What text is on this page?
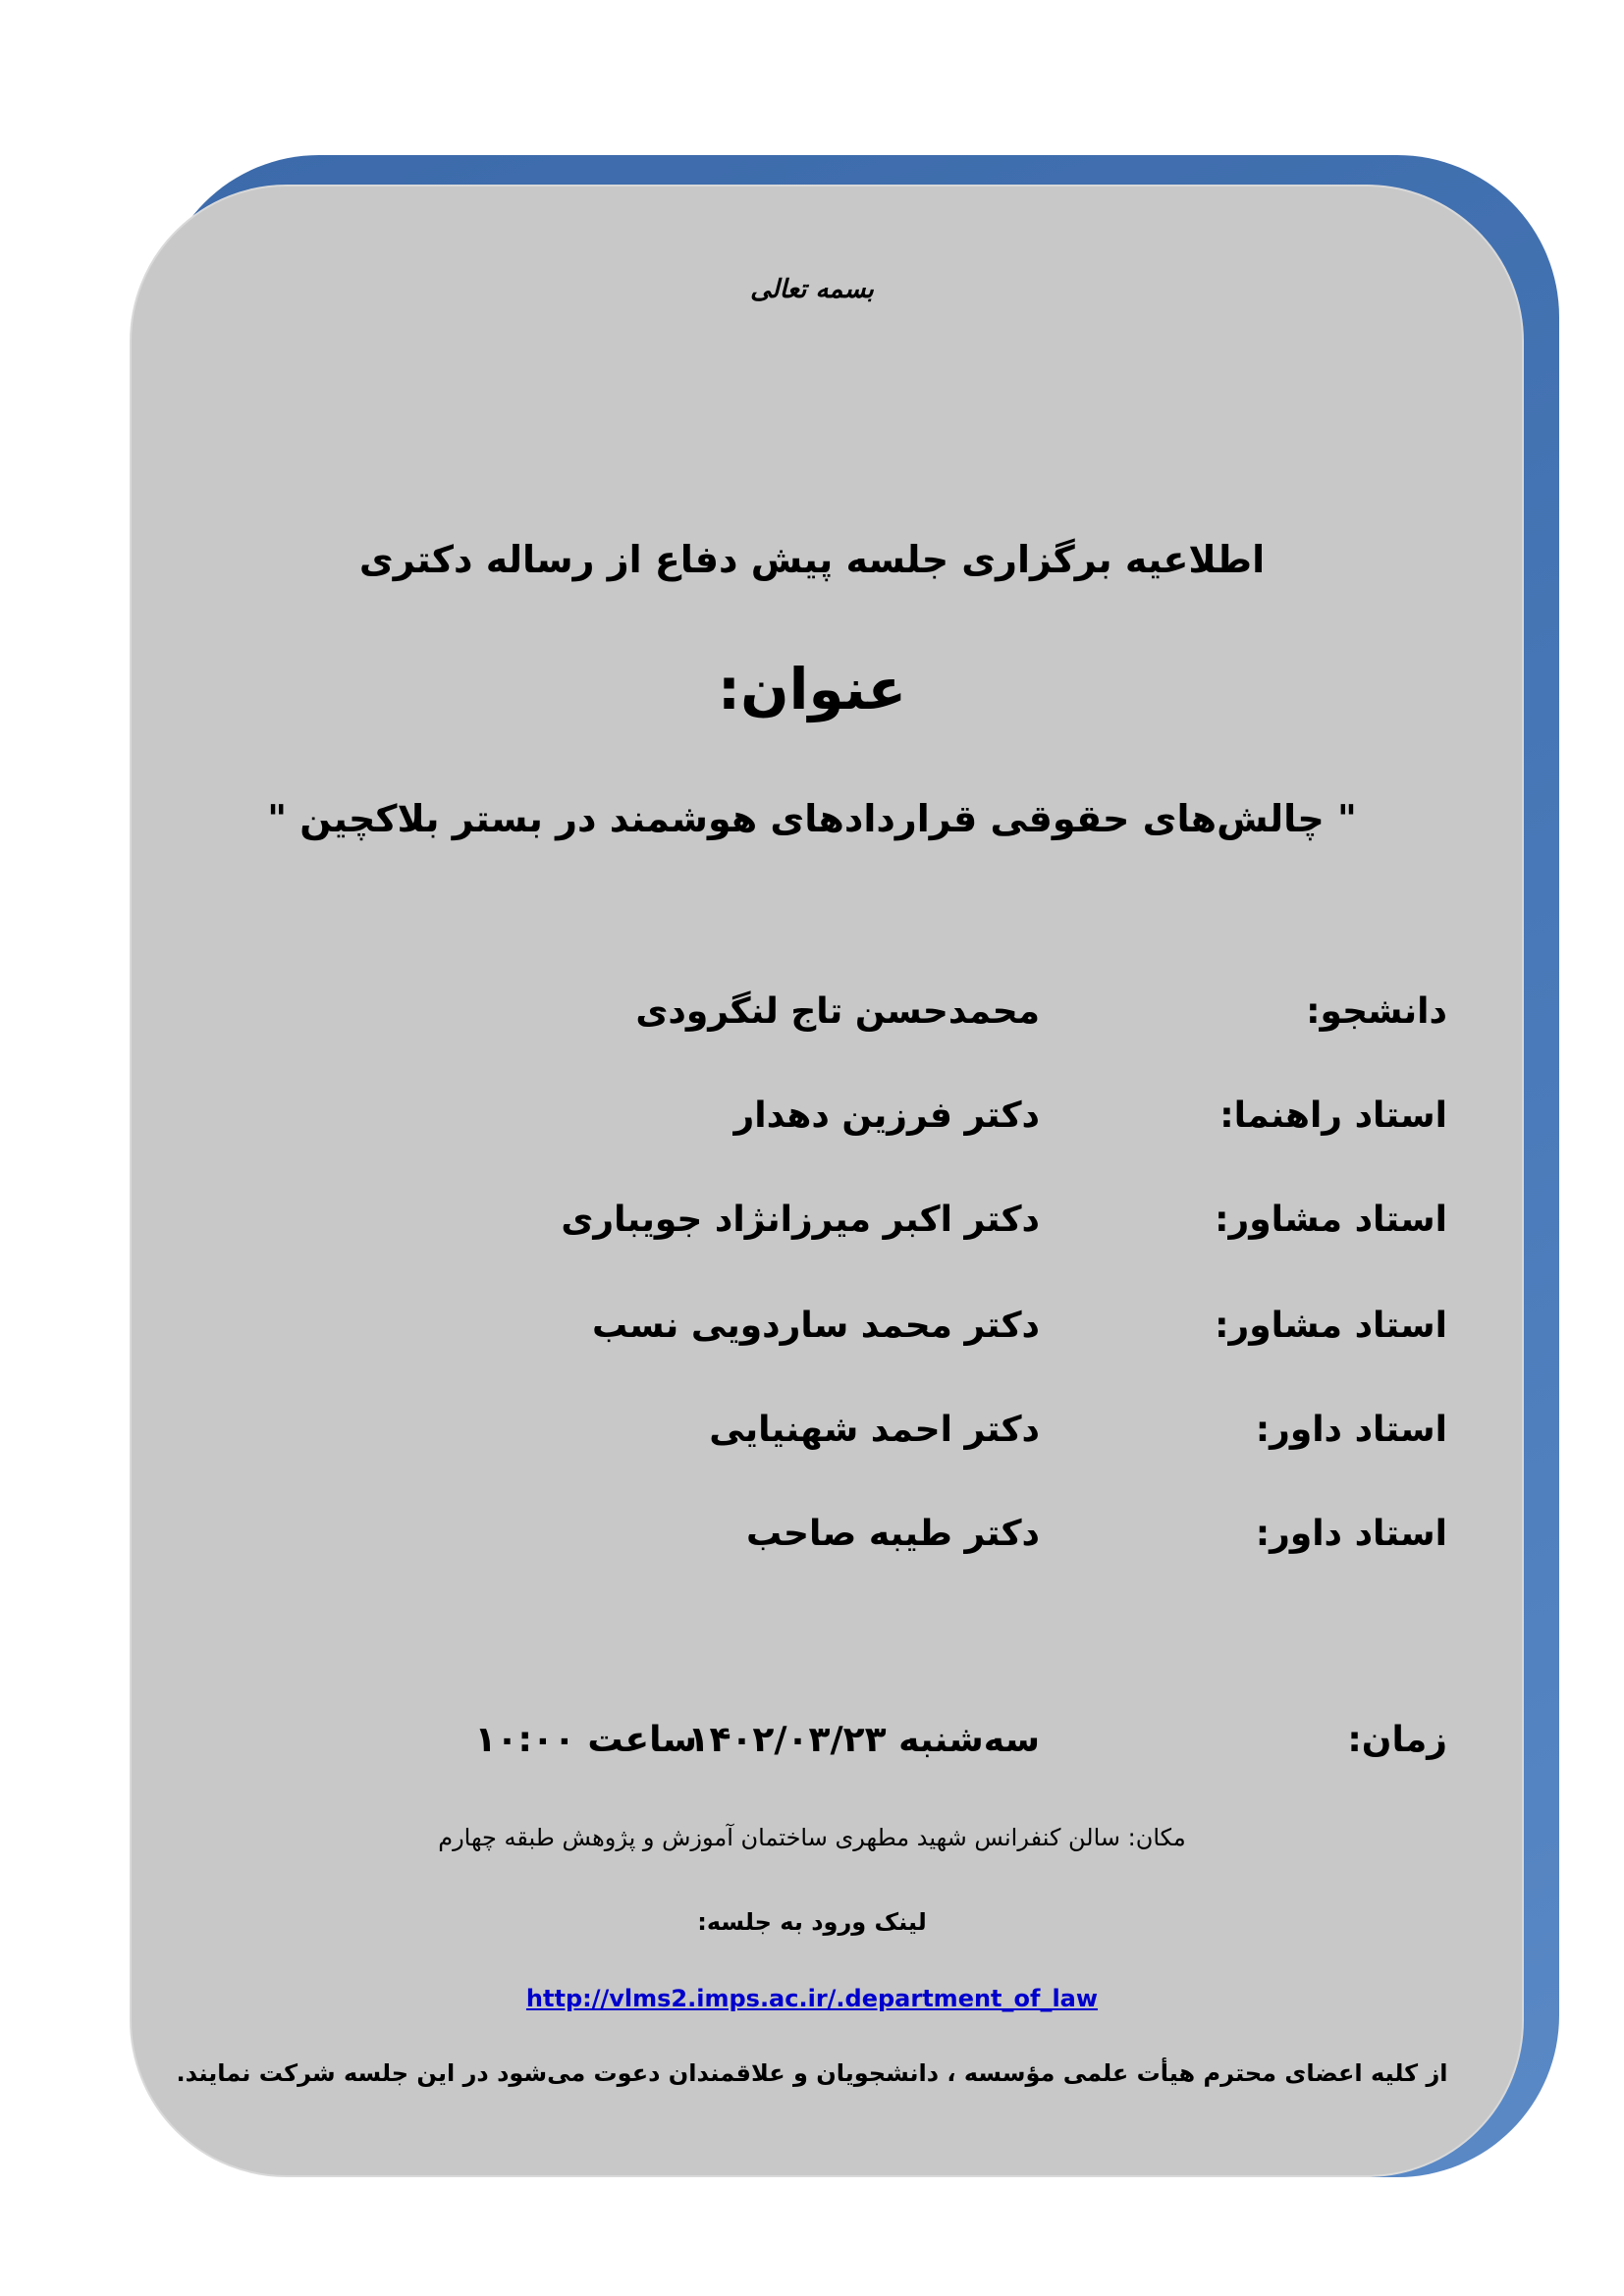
بسمه تعالی
اطلاعیه برگزاری جلسه پیش دفاع از رساله دکتری
عنوان:
" چالش‌های حقوقی قراردادهای هوشمند در بستر بلاکچین "
دانشجو:
محمدحسن تاج لنگرودی
استاد راهنما:
دکتر فرزین دهدار
استاد مشاور:
دکتر اکبر میرزانژاد جویباری
استاد مشاور:
دکتر محمد ساردویی نسب
استاد داور:
دکتر احمد شهنیایی
استاد داور:
دکتر طیبه صاحب
زمان:
سه‌شنبه ۱۴۰۲/۰۳/۲۳
ساعت ۱۰:۰۰
مکان: سالن کنفرانس شهید مطهری ساختمان آموزش و پژوهش طبقه چهارم
لینک ورود به جلسه:
http://vlms2.imps.ac.ir/.department_of_law
از کلیه اعضای محترم هیأت علمی مؤسسه ، دانشجویان و علاقمندان دعوت می‌شود در این جلسه شرکت نمایند.
